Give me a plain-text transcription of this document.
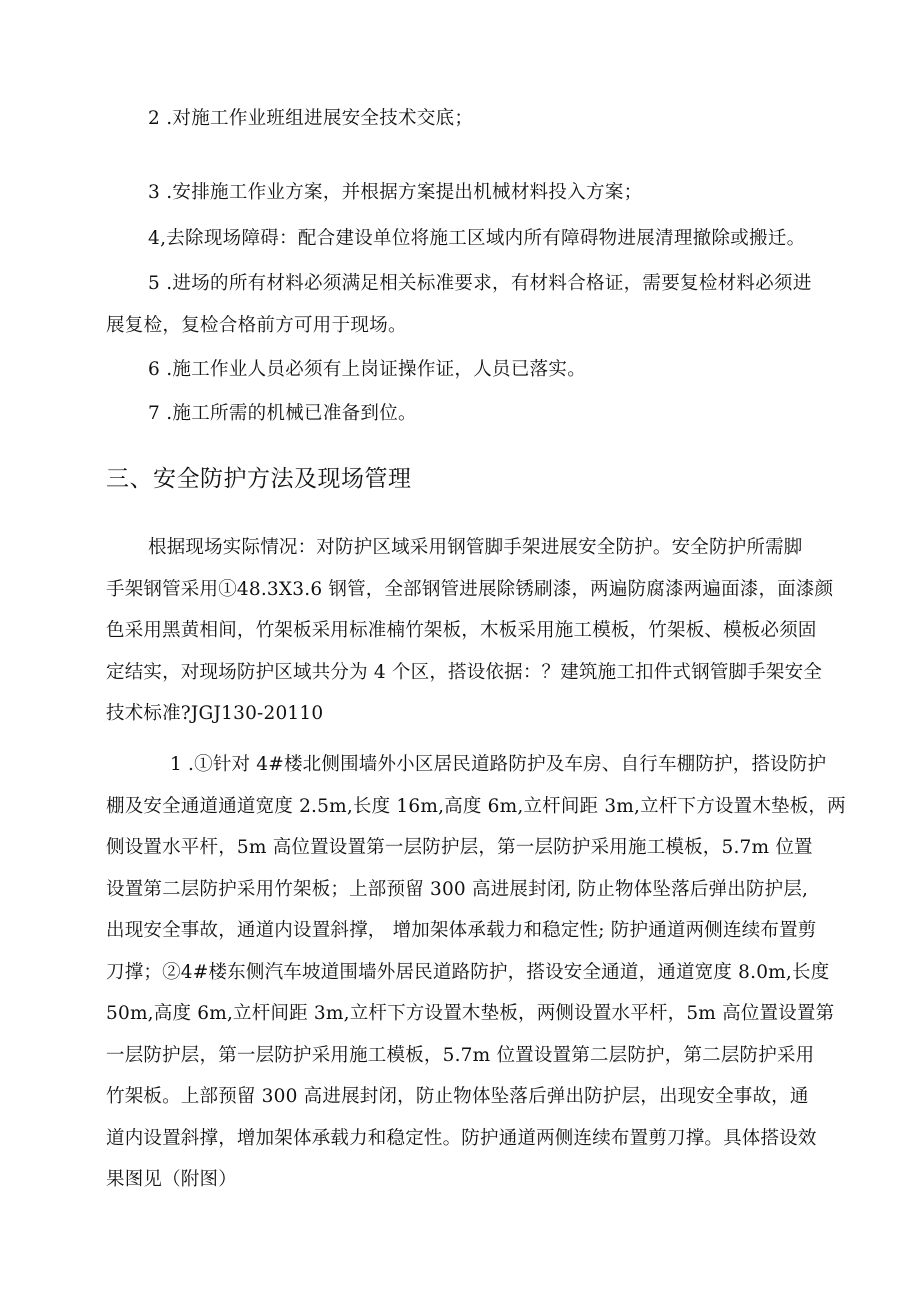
2 .对施工作业班组进展安全技术交底；
3 .安排施工作业方案，并根据方案提出机械材料投入方案；
4,去除现场障碍：配合建设单位将施工区域内所有障碍物进展清理撤除或搬迁。
5 .进场的所有材料必须满足相关标准要求，有材料合格证，需要复检材料必须进
展复检，复检合格前方可用于现场。
6 .施工作业人员必须有上岗证操作证，人员已落实。
7 .施工所需的机械已准备到位。
三、安全防护方法及现场管理
根据现场实际情况：对防护区域采用钢管脚手架进展安全防护。安全防护所需脚
手架钢管采用①48.3X3.6 钢管，全部钢管进展除锈刷漆，两遍防腐漆两遍面漆，面漆颜
色采用黑黄相间，竹架板采用标准楠竹架板，木板采用施工模板，竹架板、模板必须固
定结实，对现场防护区域共分为 4 个区，搭设依据：？建筑施工扣件式钢管脚手架安全
技术标准?JGJ130-20110
1 .①针对 4#楼北侧围墙外小区居民道路防护及车房、自行车棚防护，搭设防护
棚及安全通道通道宽度 2.5m,长度 16m,高度 6m,立杆间距 3m,立杆下方设置木垫板，两
侧设置水平杆，5m 高位置设置第一层防护层，第一层防护采用施工模板，5.7m 位置
设置第二层防护采用竹架板；上部预留 300 高进展封闭, 防止物体坠落后弹出防护层,
出现安全事故，通道内设置斜撑， 增加架体承载力和稳定性; 防护通道两侧连续布置剪
刀撑；②4#楼东侧汽车坡道围墙外居民道路防护，搭设安全通道，通道宽度 8.0m,长度
50m,高度 6m,立杆间距 3m,立杆下方设置木垫板，两侧设置水平杆，5m 高位置设置第
一层防护层，第一层防护采用施工模板，5.7m 位置设置第二层防护，第二层防护采用
竹架板。上部预留 300 高进展封闭，防止物体坠落后弹出防护层，出现安全事故，通
道内设置斜撑，增加架体承载力和稳定性。防护通道两侧连续布置剪刀撑。具体搭设效
果图见（附图）
